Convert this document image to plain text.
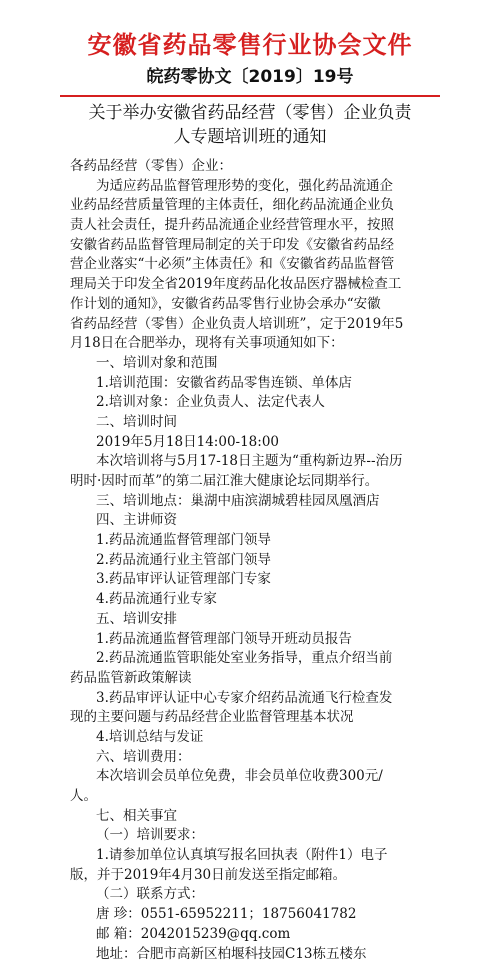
安徽省药品零售行业协会文件
皖药零协文〔2019〕19号
关于举办安徽省药品经营（零售）企业负责
人专题培训班的通知
各药品经营（零售）企业：
为适应药品监督管理形势的变化，强化药品流通企
业药品经营质量管理的主体责任，细化药品流通企业负
责人社会责任，提升药品流通企业经营管理水平，按照
安徽省药品监督管理局制定的关于印发《安徽省药品经
营企业落实“十必须”主体责任》和《安徽省药品监督管
理局关于印发全省2019年度药品化妆品医疗器械检查工
作计划的通知》，安徽省药品零售行业协会承办“安徽
省药品经营（零售）企业负责人培训班”，定于2019年5
月18日在合肥举办，现将有关事项通知如下：
一、培训对象和范围
1.培训范围：安徽省药品零售连锁、单体店
2.培训对象：企业负责人、法定代表人
二、培训时间
2019年5月18日14:00-18:00
本次培训将与5月17-18日主题为“重构新边界--治历
明时·因时而革”的第二届江淮大健康论坛同期举行。
三、培训地点：巢湖中庙滨湖城碧桂园凤凰酒店
四、主讲师资
1.药品流通监督管理部门领导
2.药品流通行业主管部门领导
3.药品审评认证管理部门专家
4.药品流通行业专家
五、培训安排
1.药品流通监督管理部门领导开班动员报告
2.药品流通监管职能处室业务指导，重点介绍当前
药品监管新政策解读
3.药品审评认证中心专家介绍药品流通飞行检查发
现的主要问题与药品经营企业监督管理基本状况
4.培训总结与发证
六、培训费用：
本次培训会员单位免费，非会员单位收费300元/
人。
七、相关事宜
（一）培训要求：
1.请参加单位认真填写报名回执表（附件1）电子
版，并于2019年4月30日前发送至指定邮箱。
（二）联系方式：
唐 珍：0551-65952211；18756041782
邮 箱：2042015239@qq.com
地址：合肥市高新区柏堰科技园C13栋五楼东
